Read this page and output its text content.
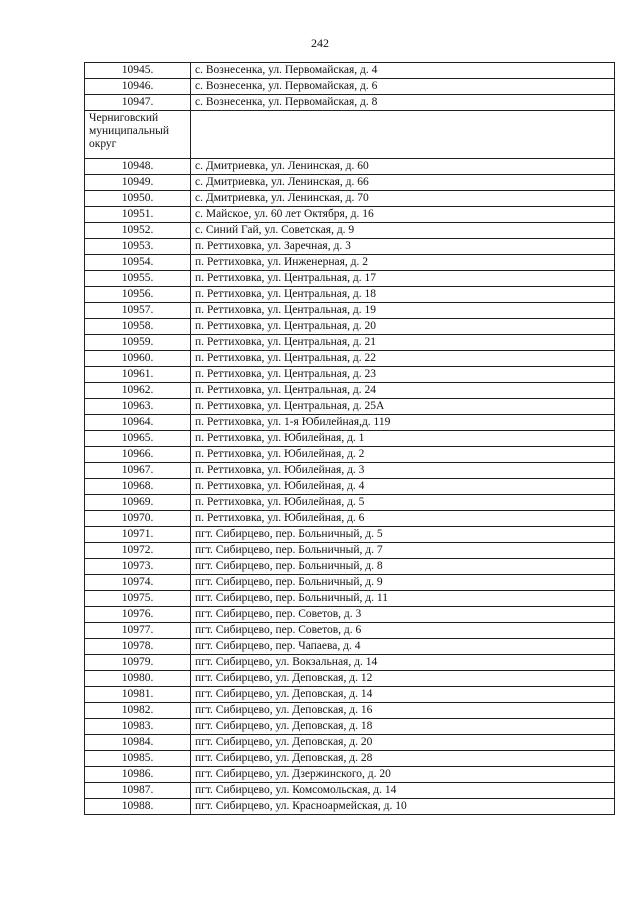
242
10945.	с. Вознесенка, ул. Первомайская, д. 4
10946.	с. Вознесенка, ул. Первомайская, д. 6
10947.	с. Вознесенка, ул. Первомайская, д. 8
Черниговский муниципальный округ	
10948.	с. Дмитриевка, ул. Ленинская, д. 60
10949.	с. Дмитриевка, ул. Ленинская, д. 66
10950.	с. Дмитриевка, ул. Ленинская, д. 70
10951.	с. Майское, ул. 60 лет Октября, д. 16
10952.	с. Синий Гай, ул. Советская, д. 9
10953.	п. Реттиховка, ул. Заречная, д. 3
10954.	п. Реттиховка, ул. Инженерная, д. 2
10955.	п. Реттиховка, ул. Центральная, д. 17
10956.	п. Реттиховка, ул. Центральная, д. 18
10957.	п. Реттиховка, ул. Центральная, д. 19
10958.	п. Реттиховка, ул. Центральная, д. 20
10959.	п. Реттиховка, ул. Центральная, д. 21
10960.	п. Реттиховка, ул. Центральная, д. 22
10961.	п. Реттиховка, ул. Центральная, д. 23
10962.	п. Реттиховка, ул. Центральная, д. 24
10963.	п. Реттиховка, ул. Центральная, д. 25А
10964.	п. Реттиховка, ул. 1-я Юбилейная,д. 119
10965.	п. Реттиховка, ул. Юбилейная, д. 1
10966.	п. Реттиховка, ул. Юбилейная, д. 2
10967.	п. Реттиховка, ул. Юбилейная, д. 3
10968.	п. Реттиховка, ул. Юбилейная, д. 4
10969.	п. Реттиховка, ул. Юбилейная, д. 5
10970.	п. Реттиховка, ул. Юбилейная, д. 6
10971.	пгт. Сибирцево, пер. Больничный, д. 5
10972.	пгт. Сибирцево, пер. Больничный, д. 7
10973.	пгт. Сибирцево, пер. Больничный, д. 8
10974.	пгт. Сибирцево, пер. Больничный, д. 9
10975.	пгт. Сибирцево, пер. Больничный, д. 11
10976.	пгт. Сибирцево, пер. Советов, д. 3
10977.	пгт. Сибирцево, пер. Советов, д. 6
10978.	пгт. Сибирцево, пер. Чапаева, д. 4
10979.	пгт. Сибирцево, ул. Вокзальная, д. 14
10980.	пгт. Сибирцево, ул. Деповская, д. 12
10981.	пгт. Сибирцево, ул. Деповская, д. 14
10982.	пгт. Сибирцево, ул. Деповская, д. 16
10983.	пгт. Сибирцево, ул. Деповская, д. 18
10984.	пгт. Сибирцево, ул. Деповская, д. 20
10985.	пгт. Сибирцево, ул. Деповская, д. 28
10986.	пгт. Сибирцево, ул. Дзержинского, д. 20
10987.	пгт. Сибирцево, ул. Комсомольская, д. 14
10988.	пгт. Сибирцево, ул. Красноармейская, д. 10
